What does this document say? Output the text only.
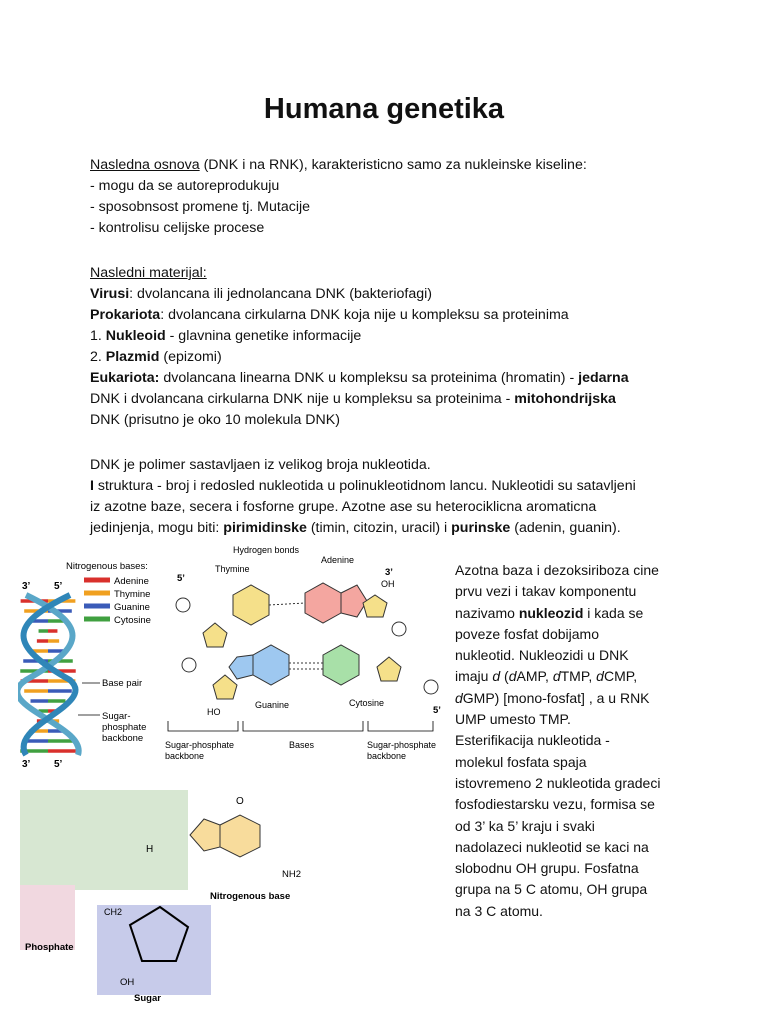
Humana genetika
Nasledna osnova (DNK i na RNK), karakteristicno samo za nukleinske kiseline:
- mogu da se autoreprodukuju
- sposobnsost promene tj. Mutacije
- kontrolisu celijske procese
Nasledni materijal:
Virusi: dvolancana ili jednolancana DNK (bakteriofagi)
Prokariota: dvolancana cirkularna DNK koja nije u kompleksu sa proteinima
1. Nukleoid - glavnina genetike informacije
2. Plazmid (epizomi)
Eukariota: dvolancana linearna DNK u kompleksu sa proteinima (hromatin) - jedarna
DNK i dvolancana cirkularna DNK nije u kompleksu sa proteinima - mitohondrijska
DNK (prisutno je oko 10 molekula DNK)
DNK je polimer sastavljaen iz velikog broja nukleotida.
I struktura - broj i redosled nukleotida u polinukleotidnom lancu. Nukleotidi su satavljeni
iz azotne baze, secera i fosforne grupe. Azotne ase su heterociklicna aromaticna
jedinjenja, mogu biti: pirimidinske (timin, citozin, uracil) i purinske (adenin, guanin).
Azotna baza i dezoksiriboza cine
prvu vezi i takav komponentu
nazivamo nukleozid i kada se
poveze fosfat dobijamo
nukleotid. Nukleozidi u DNK
imaju d (dAMP, dTMP, dCMP,
dGMP) [mono-fosfat] , a u RNK
UMP umesto TMP.
Esterifikacija nukleotida -
molekul fosfata spaja
istovremeno 2 nukleotida gradeci
fosfodiestarsku vezu, formisa se
od 3’ ka 5’ kraju i svaki
nadolazeci nukleotid se kaci na
slobodnu OH grupu. Fosfatna
grupa na 5 C atomu, OH grupa
na 3 C atomu.
Nitrogenous bases:
3’ 5’
3’ 5’
Adenine
Thymine
Guanine
Cytosine
Base pair
Sugar-
phosphate
backbone
Hydrogen bonds
Adenine
Thymine
5’
3’
OH
HO
Guanine	Cytosine
5’
Sugar-phosphate
backbone
Bases	Sugar-phosphate
backbone
O
NH2
H
Nitrogenous base
CH2
OH
Phosphate
Sugar
